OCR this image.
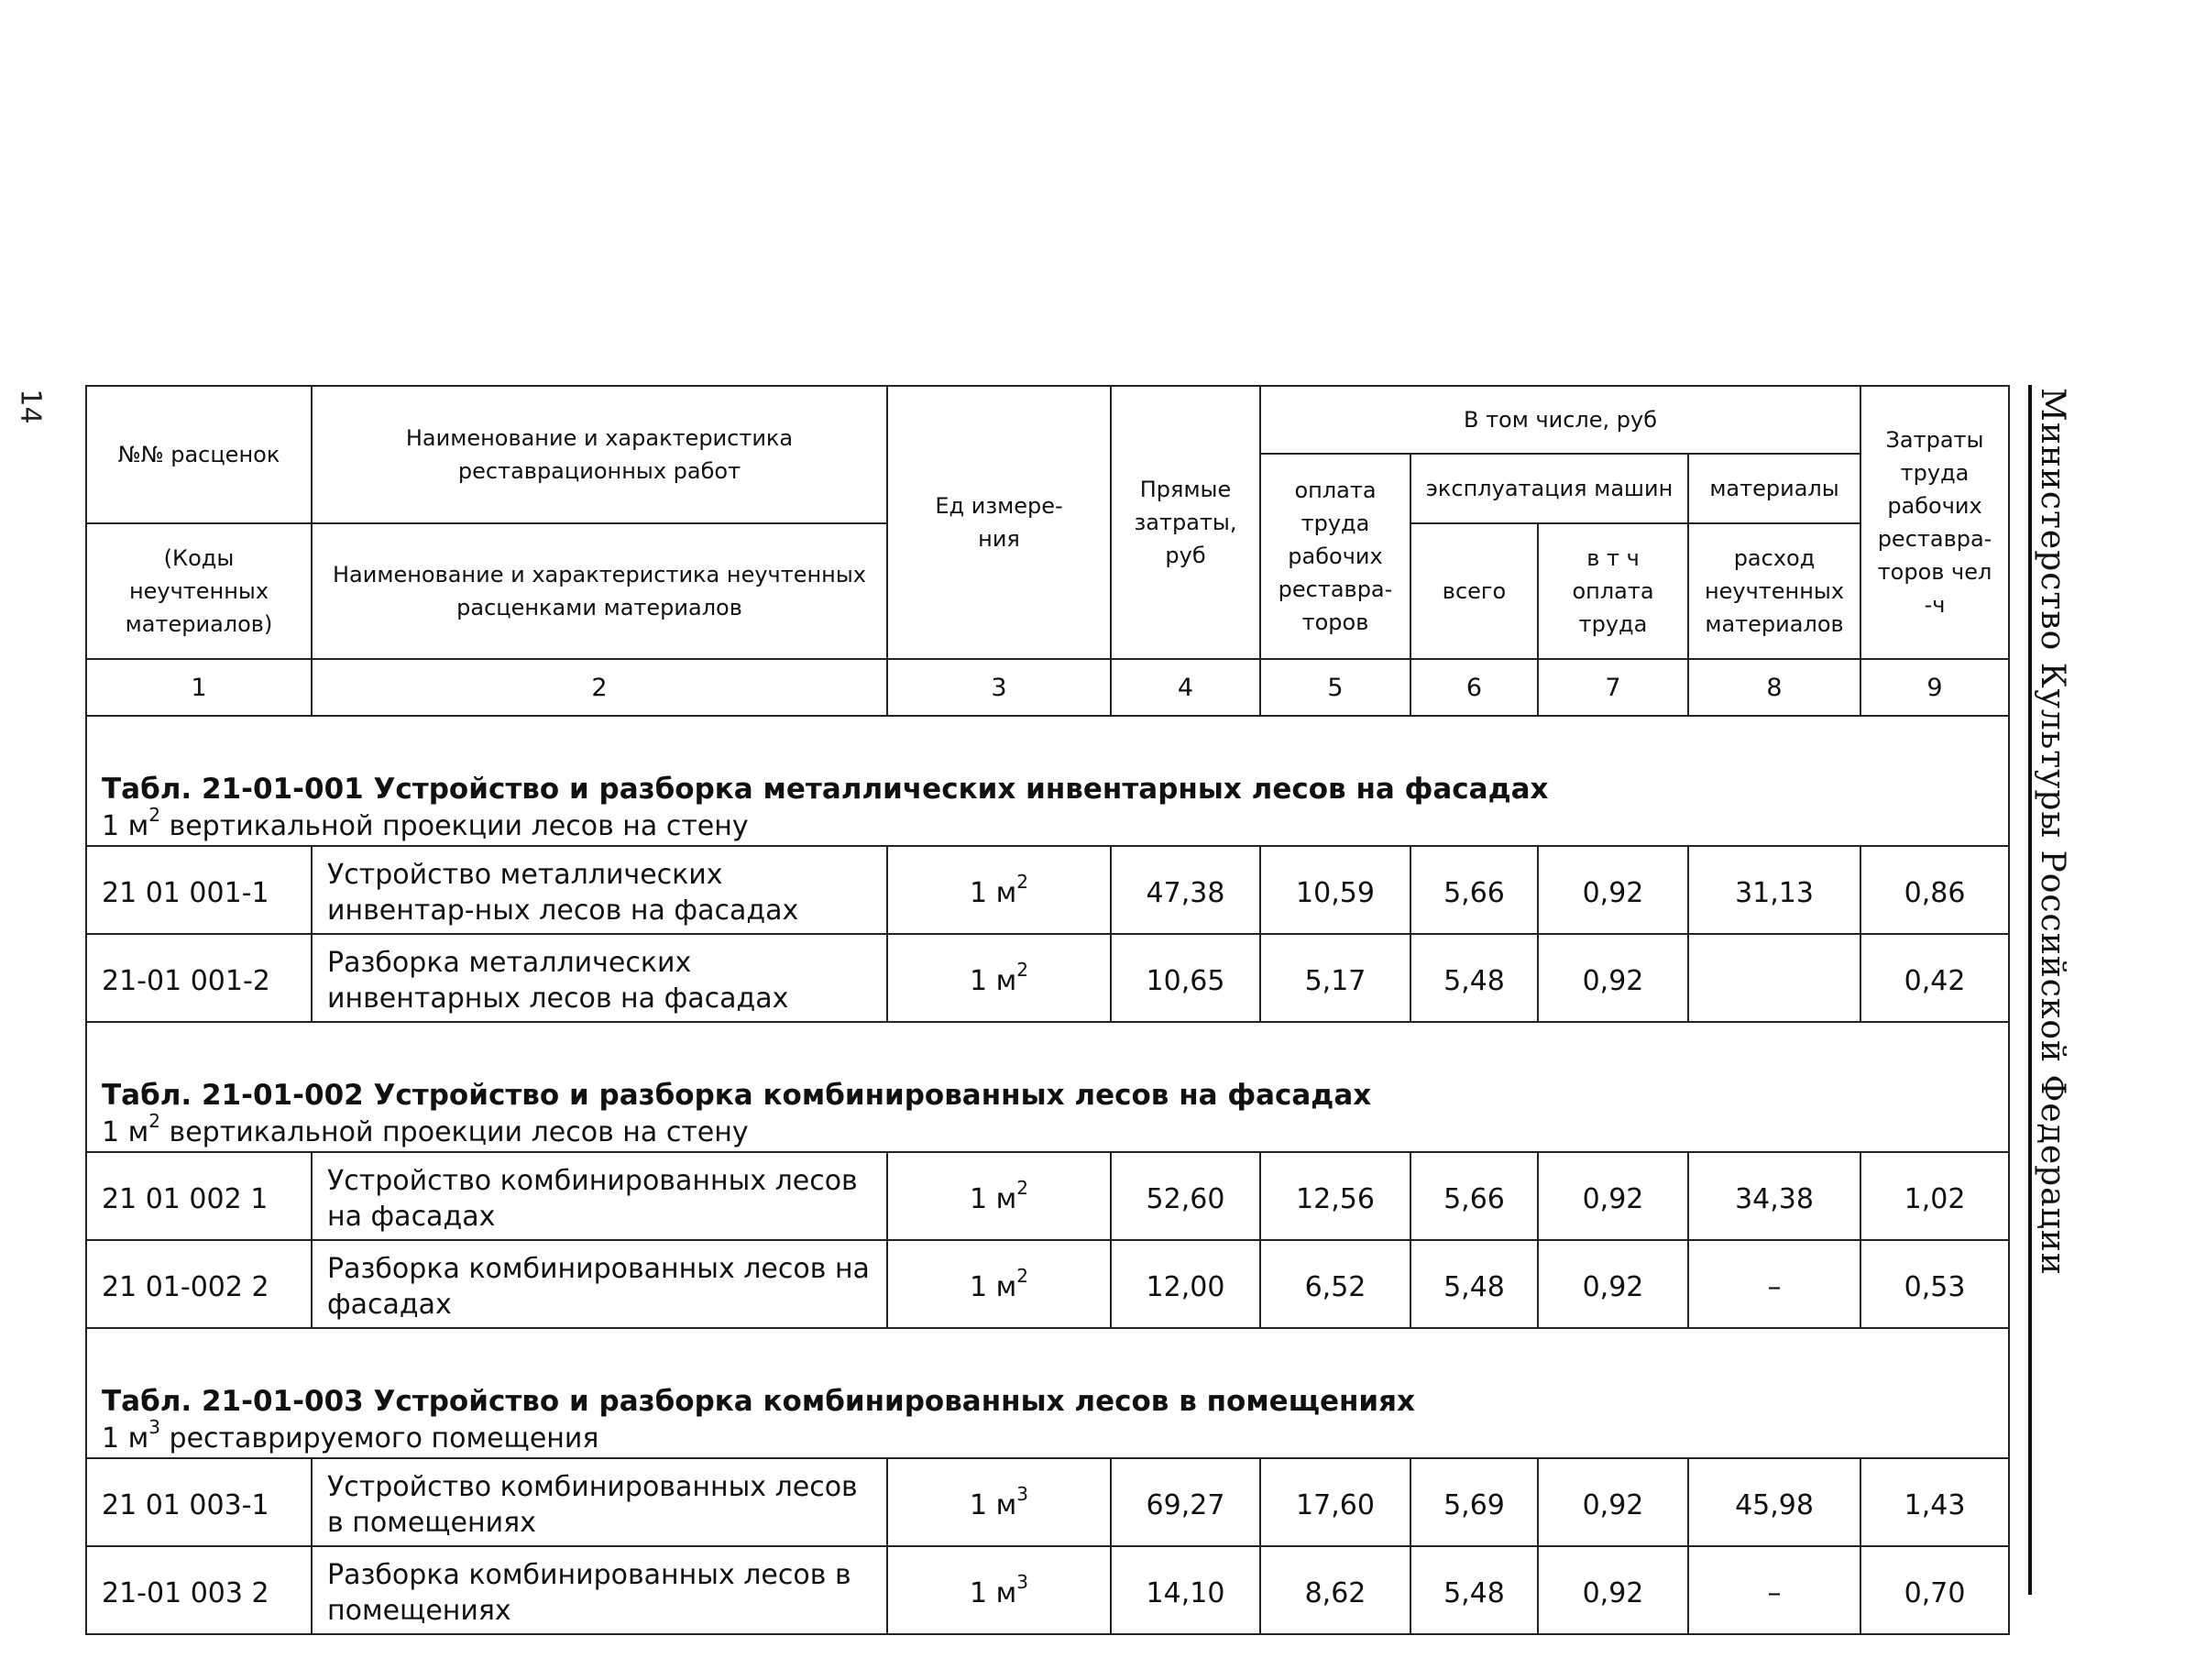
14	Министерство Культуры Российской Федерации
№№ расценок	Наименование и характеристика реставрационных работ	Ед измере-ния	Прямые затраты, руб	В том числе, руб				Затраты труда рабочих реставра-торов чел -ч
				оплата труда рабочих реставра-торов	эксплуатация машин		материалы	
(Коды неучтенных материалов)	Наименование и характеристика неучтенных расценками материалов				всего	в т ч оплата труда	расход неучтенных материалов	

1	2	3	4	5	6	7	8	9

Табл. 21-01-001 Устройство и разборка металлических инвентарных лесов на фасадах
1 $м^2$ вертикальной проекции лесов на стену								

21 01 001-1	Устройство металлических инвентар-ных лесов на фасадах	1 $м^2$	47,38	10,59	5,66	0,92	31,13	0,86
21-01 001-2	Разборка металлических инвентарных лесов на фасадах	1 $м^2$	10,65	5,17	5,48	0,92		0,42

Табл. 21-01-002 Устройство и разборка комбинированных лесов на фасадах
1 $м^2$ вертикальной проекции лесов на стену								

21 01 002 1	Устройство комбинированных лесов на фасадах	1 $м^2$	52,60	12,56	5,66	0,92	34,38	1,02
21 01-002 2	Разборка комбинированных лесов на фасадах	1 $м^2$	12,00	6,52	5,48	0,92	–	0,53

Табл. 21-01-003 Устройство и разборка комбинированных лесов в помещениях
1 $м^3$ реставрируемого помещения								

21 01 003-1	Устройство комбинированных лесов в помещениях	1 $м^3$	69,27	17,60	5,69	0,92	45,98	1,43
21-01 003 2	Разборка комбинированных лесов в помещениях	1 $м^3$	14,10	8,62	5,48	0,92	–	0,70
